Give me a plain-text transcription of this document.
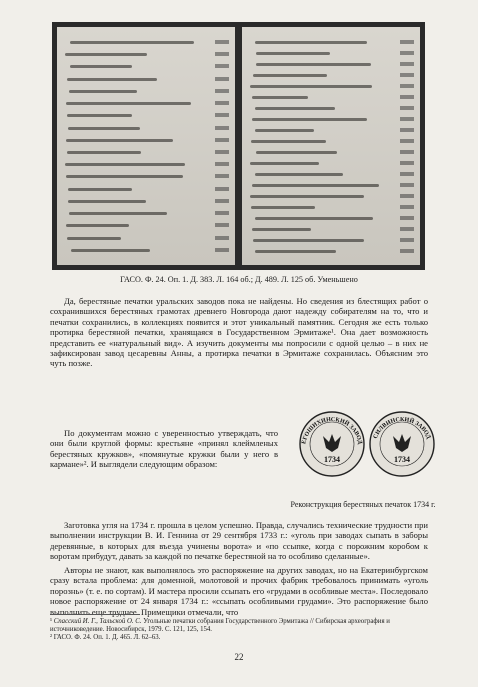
ГАСО. Ф. 24. Оп. 1. Д. 383. Л. 164 об.; Д. 489. Л. 125 об. Уменьшено

Да, берестяные печатки уральских заводов пока не найдены. Но сведения из блестящих работ о сохранившихся берестяных грамотах древнего Новгорода дают надежду собирателям на то, что и печатки сохранились, в коллекциях появится и этот уникальный памятник. Сегодня же есть только протирка берестяной печатки, хранящаяся в Государственном Эрмитаже¹. Она дает возможность представить ее «натуральный вид». А изучить документы мы попросили с одной целью – в них не зафиксирован завод цесаревны Анны, а протирка печатки в Эрмитаже сохранилась. Объясним это чуть позже.

По документам можно с уверенностью утверждать, что они были круглой формы: крестьяне «принял клеймленых берестяных кружков», «помянутые кружки были у него в кармане»². И выглядели следующим образом:

ЕГОШИХИНСКИЙ ЗАВОД
1734
СИЛВИНСКИЙ ЗАВОД
1734
Реконструкция берестяных печаток 1734 г.

Заготовка угля на 1734 г. прошла в целом успешно. Правда, случались технические трудности при выполнении инструкции В. И. Геннина от 29 сентября 1733 г.: «уголь при заводах сыпать в заборы деревянные, в которых для въезда учинены ворота» и «по ссыпке, когда с порожним коробом к воротам прибудут, давать за каждой по печатке берестяной на то особливо сделанные».

Авторы не знают, как выполнялось это распоряжение на других заводах, но на Екатеринбургском сразу встала проблема: для доменной, молотовой и прочих фабрик требовалось принимать «уголь порознь» (т. е. по сортам). И мастера просили ссыпать его «грудами в особливые места». Последовало новое распоряжение от 24 января 1734 г.: «ссыпать особливыми грудами». Это распоряжение было выполнить еще труднее. Примещики отмечали, что

¹ Спасский И. Г., Тальской О. С. Угольные печатки собрания Государственного Эрмитажа // Сибирская археография и источниковедение. Новосибирск, 1979. С. 121, 125, 154.
² ГАСО. Ф. 24. Оп. 1. Д. 465. Л. 62–63.
22
